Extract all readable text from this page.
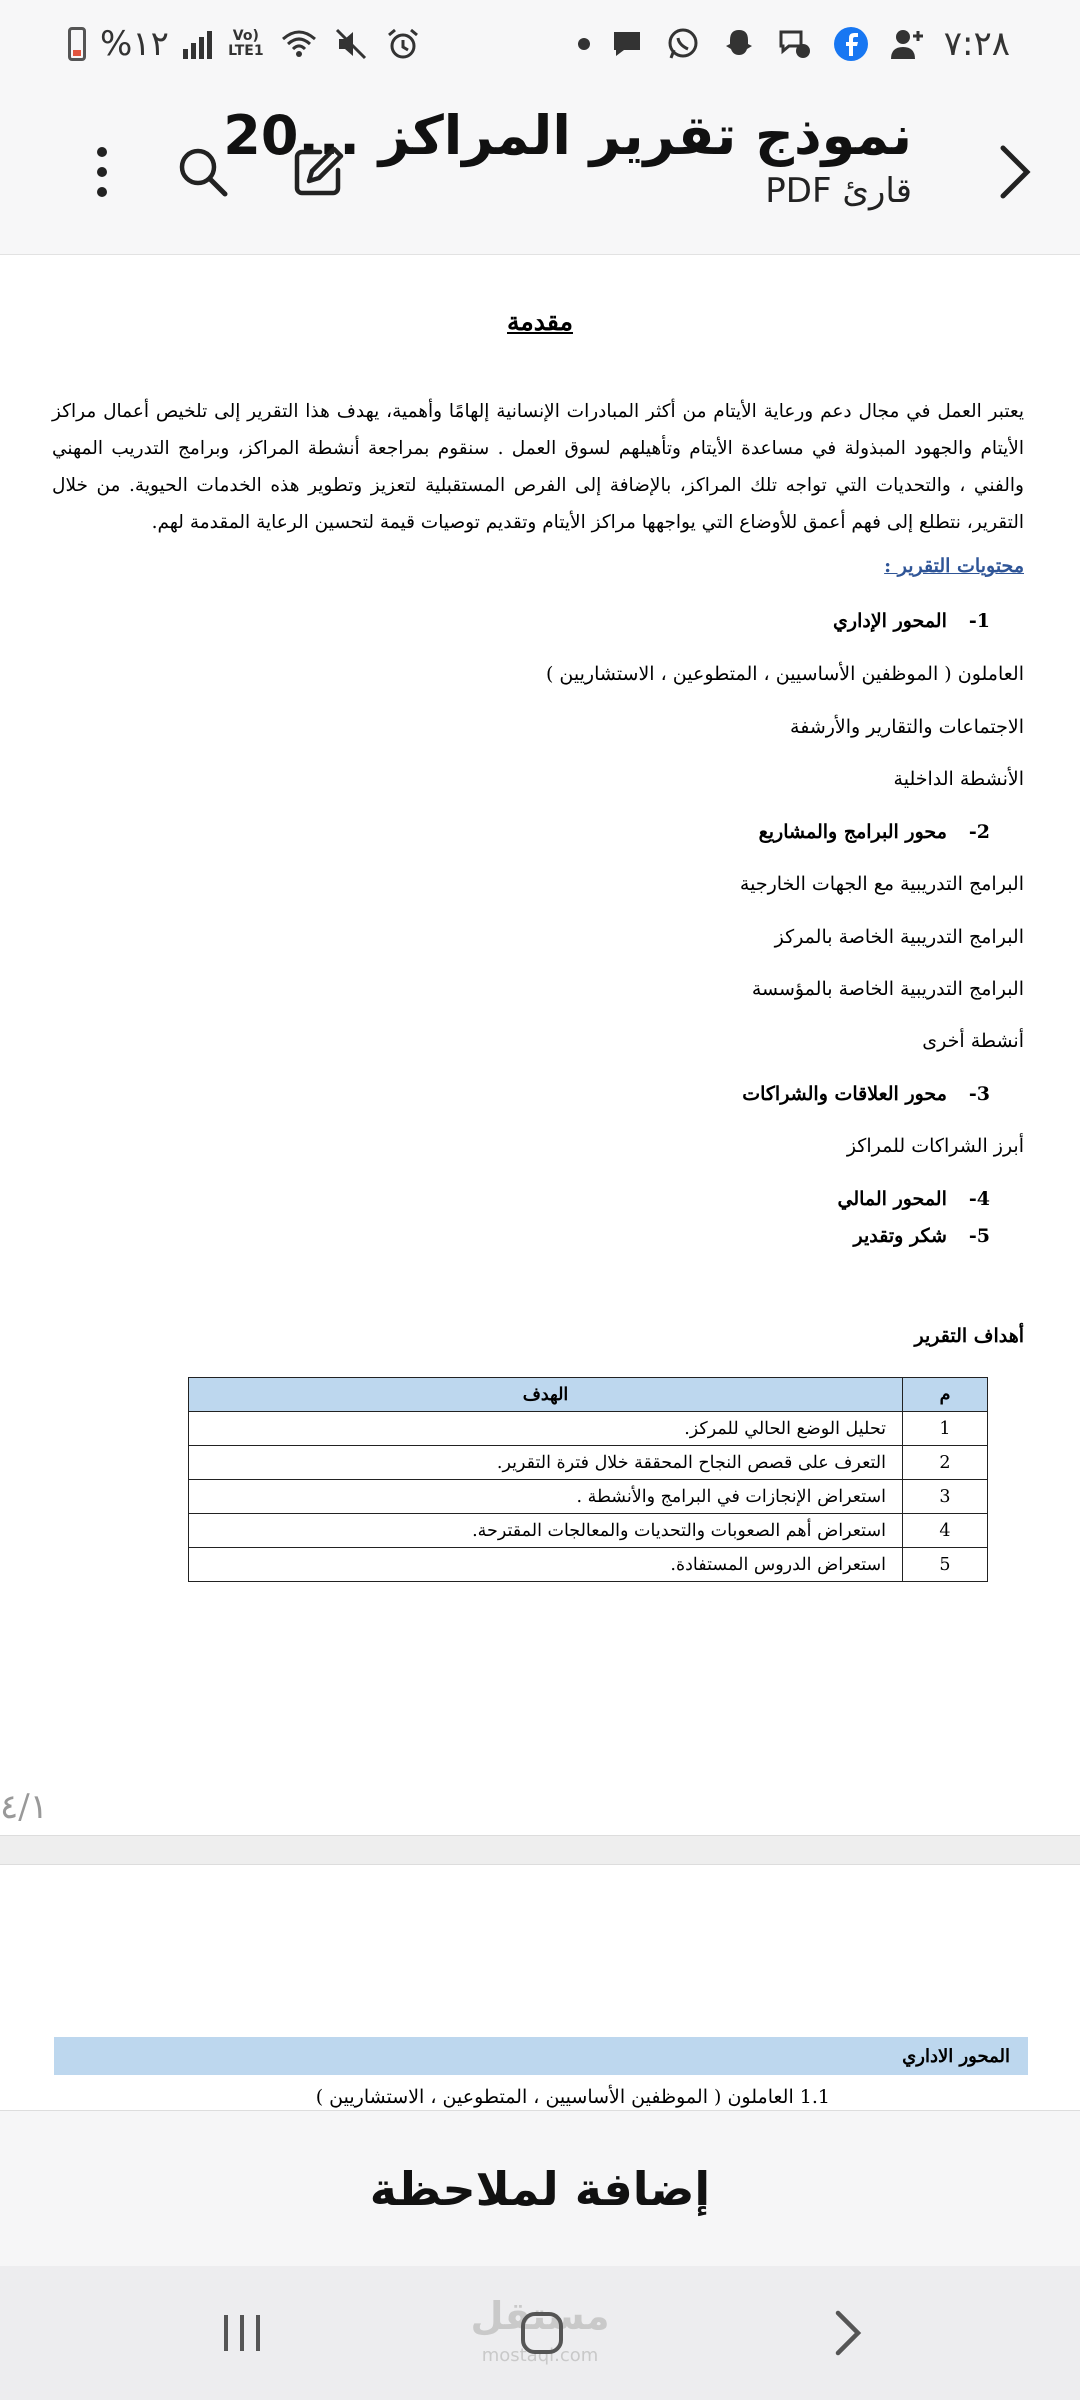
%١٢	Vo) LTE1	٧:٢٨
نموذج تقرير المراكز ...20
قارئ PDF
مقدمة
يعتبر العمل في مجال دعم ورعاية الأيتام من أكثر المبادرات الإنسانية إلهامًا وأهمية، يهدف هذا التقرير إلى تلخيص أعمال مراكز الأيتام والجهود المبذولة في مساعدة الأيتام وتأهيلهم لسوق العمل . سنقوم بمراجعة أنشطة المراكز، وبرامج التدريب المهني والفني ، والتحديات التي تواجه تلك المراكز، بالإضافة إلى الفرص المستقبلية لتعزيز وتطوير هذه الخدمات الحيوية. من خلال التقرير، نتطلع إلى فهم أعمق للأوضاع التي يواجهها مراكز الأيتام وتقديم توصيات قيمة لتحسين الرعاية المقدمة لهم.
محتويات التقرير :
1-المحور الإداري
العاملون ( الموظفين الأساسيين ، المتطوعين ، الاستشاريين )
الاجتماعات والتقارير والأرشفة
الأنشطة الداخلية
2-محور البرامج والمشاريع
البرامج التدريبية مع الجهات الخارجية
البرامج التدريبية الخاصة بالمركز
البرامج التدريبية الخاصة بالمؤسسة
أنشطة أخرى
3-محور العلاقات والشراكات
أبرز الشراكات للمراكز
4-المحور المالي
5-شكر وتقدير
أهداف التقرير
م	الهدف
1	تحليل الوضع الحالي للمركز.
2	التعرف على قصص النجاح المحققة خلال فترة التقرير.
3	استعراض الإنجازات في البرامج والأنشطة .
4	استعراض أهم الصعوبات والتحديات والمعالجات المقترحة.
5	استعراض الدروس المستفادة.
٤/١
المحور الاداري
1.1 العاملون ( الموظفين الأساسيين ، المتطوعين ، الاستشاريين )
إضافة لملاحظة
مستقل
mostaql.com
